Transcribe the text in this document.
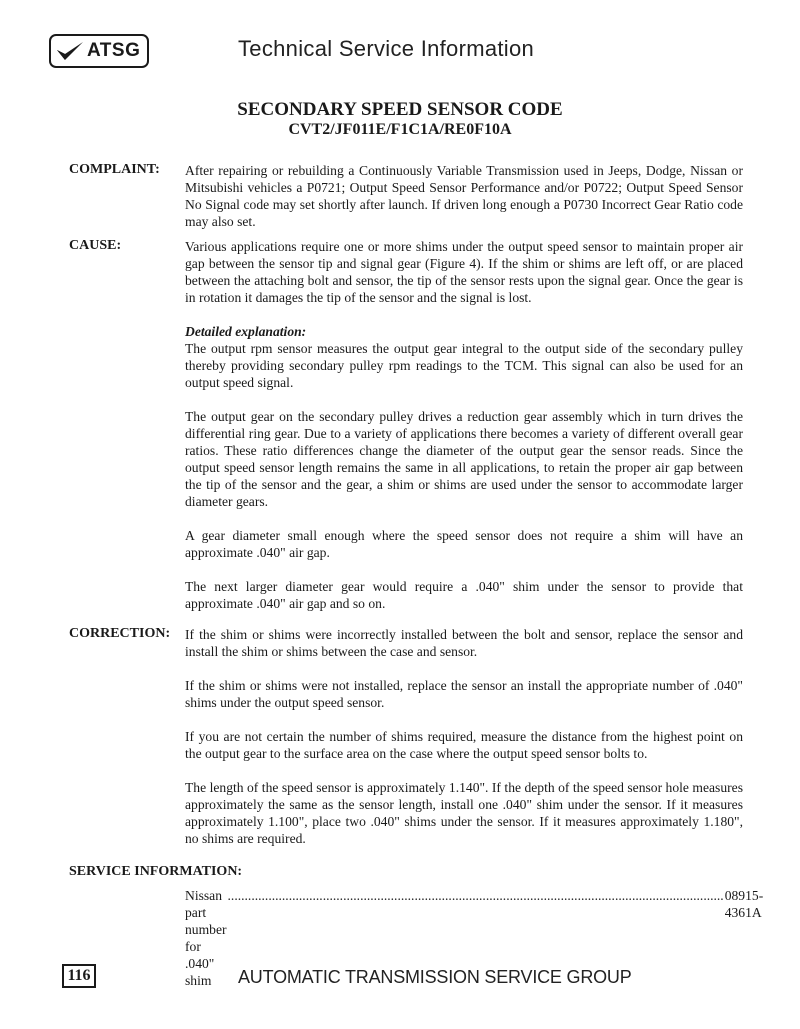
ATSG	Technical Service Information
SECONDARY SPEED SENSOR CODE
CVT2/JF011E/F1C1A/RE0F10A
COMPLAINT: After repairing or rebuilding a Continuously Variable Transmission used in Jeeps, Dodge, Nissan or Mitsubishi vehicles a P0721; Output Speed Sensor Performance and/or P0722; Output Speed Sensor No Signal code may set shortly after launch. If driven long enough a P0730 Incorrect Gear Ratio code may also set.

CAUSE:	Various applications require one or more shims under the output speed sensor to maintain proper air gap between the sensor tip and signal gear (Figure 4). If the shim or shims are left off, or are placed between the attaching bolt and sensor, the tip of the sensor rests upon the signal gear. Once the gear is in rotation it damages the tip of the sensor and the signal is lost.

Detailed explanation:

The output rpm sensor measures the output gear integral to the output side of the secondary pulley thereby providing secondary pulley rpm readings to the TCM. This signal can also be used for an output speed signal.

The output gear on the secondary pulley drives a reduction gear assembly which in turn drives the differential ring gear. Due to a variety of applications there becomes a variety of different overall gear ratios. These ratio differences change the diameter of the output gear the sensor reads. Since the output speed sensor length remains the same in all applications, to retain the proper air gap between the tip of the sensor and the gear, a shim or shims are used under the sensor to accommodate larger diameter gears.

A gear diameter small enough where the speed sensor does not require a shim will have an approximate .040" air gap.

The next larger diameter gear would require a .040" shim under the sensor to provide that approximate .040" air gap and so on.

CORRECTION: If the shim or shims were incorrectly installed between the bolt and sensor, replace the sensor and install the shim or shims between the case and sensor.

If the shim or shims were not installed, replace the sensor an install the appropriate number of .040" shims under the output speed sensor.

If you are not certain the number of shims required, measure the distance from the highest point on the output gear to the surface area on the case where the output speed sensor bolts to.

The length of the speed sensor is approximately 1.140". If the depth of the speed sensor hole measures approximately the same as the sensor length, install one .040" shim under the sensor. If it measures approximately 1.100", place two .040" shims under the sensor. If it measures approximately 1.180", no shims are required.

SERVICE INFORMATION:
Nissan part number for .040" shim
.................................................................................................................................................. 08915-4361A
116	AUTOMATIC TRANSMISSION SERVICE GROUP
